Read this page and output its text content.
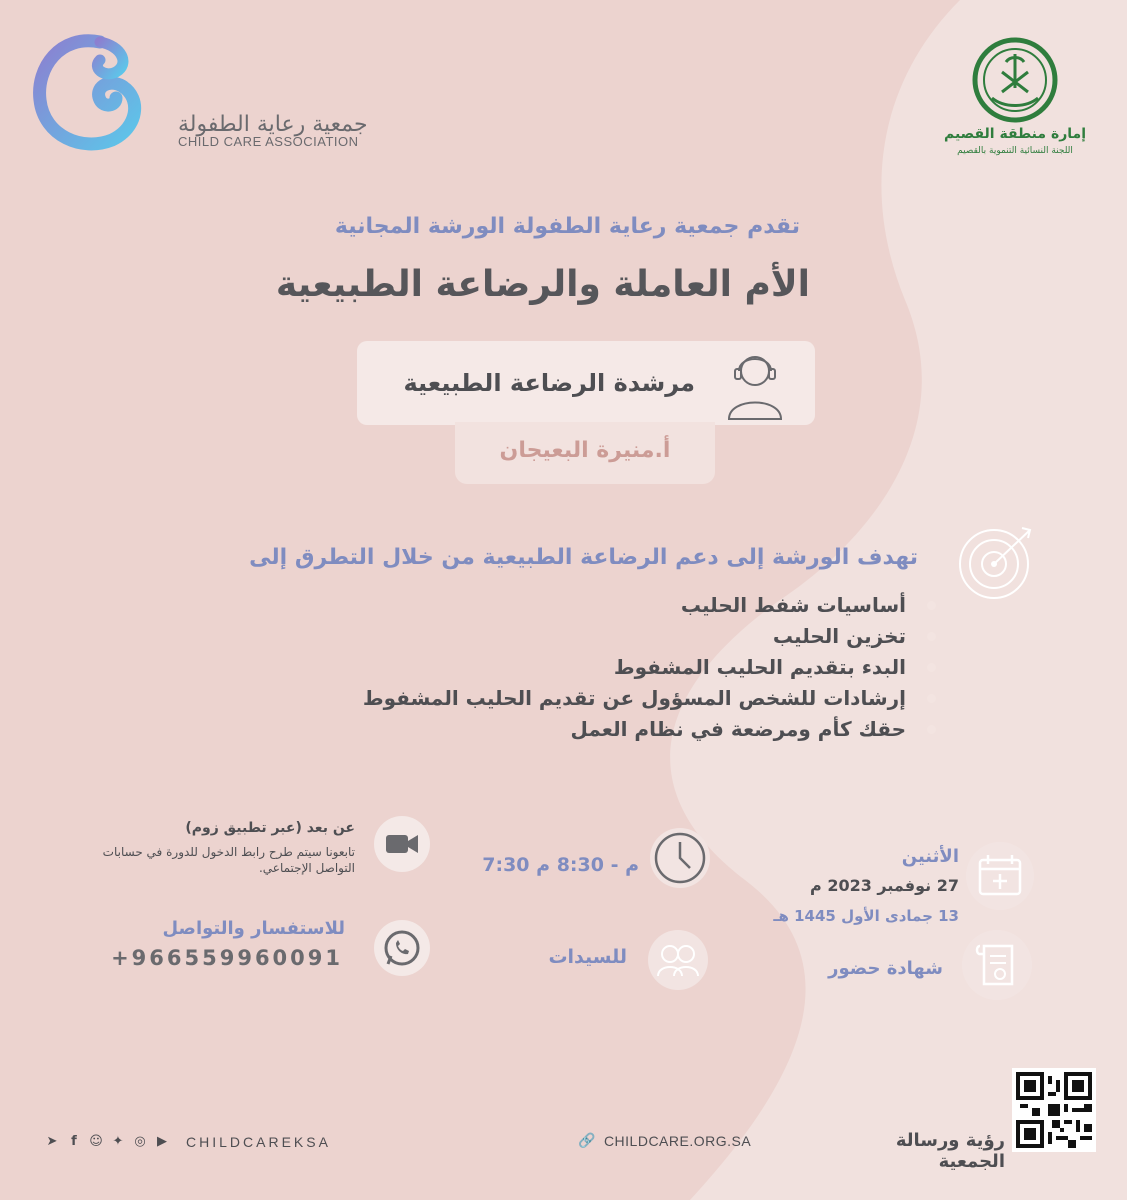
جمعية رعاية الطفولة
CHILD CARE ASSOCIATION	إمارة منطقة القصيم
اللجنة النسائية التنموية بالقصيم
تقدم جمعية رعاية الطفولة الورشة المجانية
الأم العاملة والرضاعة الطبيعية
مرشدة الرضاعة الطبيعية
أ.منيرة البعيجان
تهدف الورشة إلى دعم الرضاعة الطبيعية من خلال التطرق إلى
أساسيات شفط الحليب
تخزين الحليب
البدء بتقديم الحليب المشفوط
إرشادات للشخص المسؤول عن تقديم الحليب المشفوط
حقك كأم ومرضعة في نظام العمل
الأثنين
27 نوفمبر 2023 م
13 جمادى الأول 1445 هـ
شهادة حضور
7:30 م - 8:30 م
للسيدات
عن بعد (عبر تطبيق زوم)
تابعونا سيتم طرح رابط الدخول للدورة في حسابات التواصل الإجتماعي.
للاستفسار والتواصل
+966559960091
➤	f ☺ ✦ ◎ ▶ CHILDCAREKSA	🔗 CHILDCARE.ORG.SA	رؤية ورسالة الجمعية
